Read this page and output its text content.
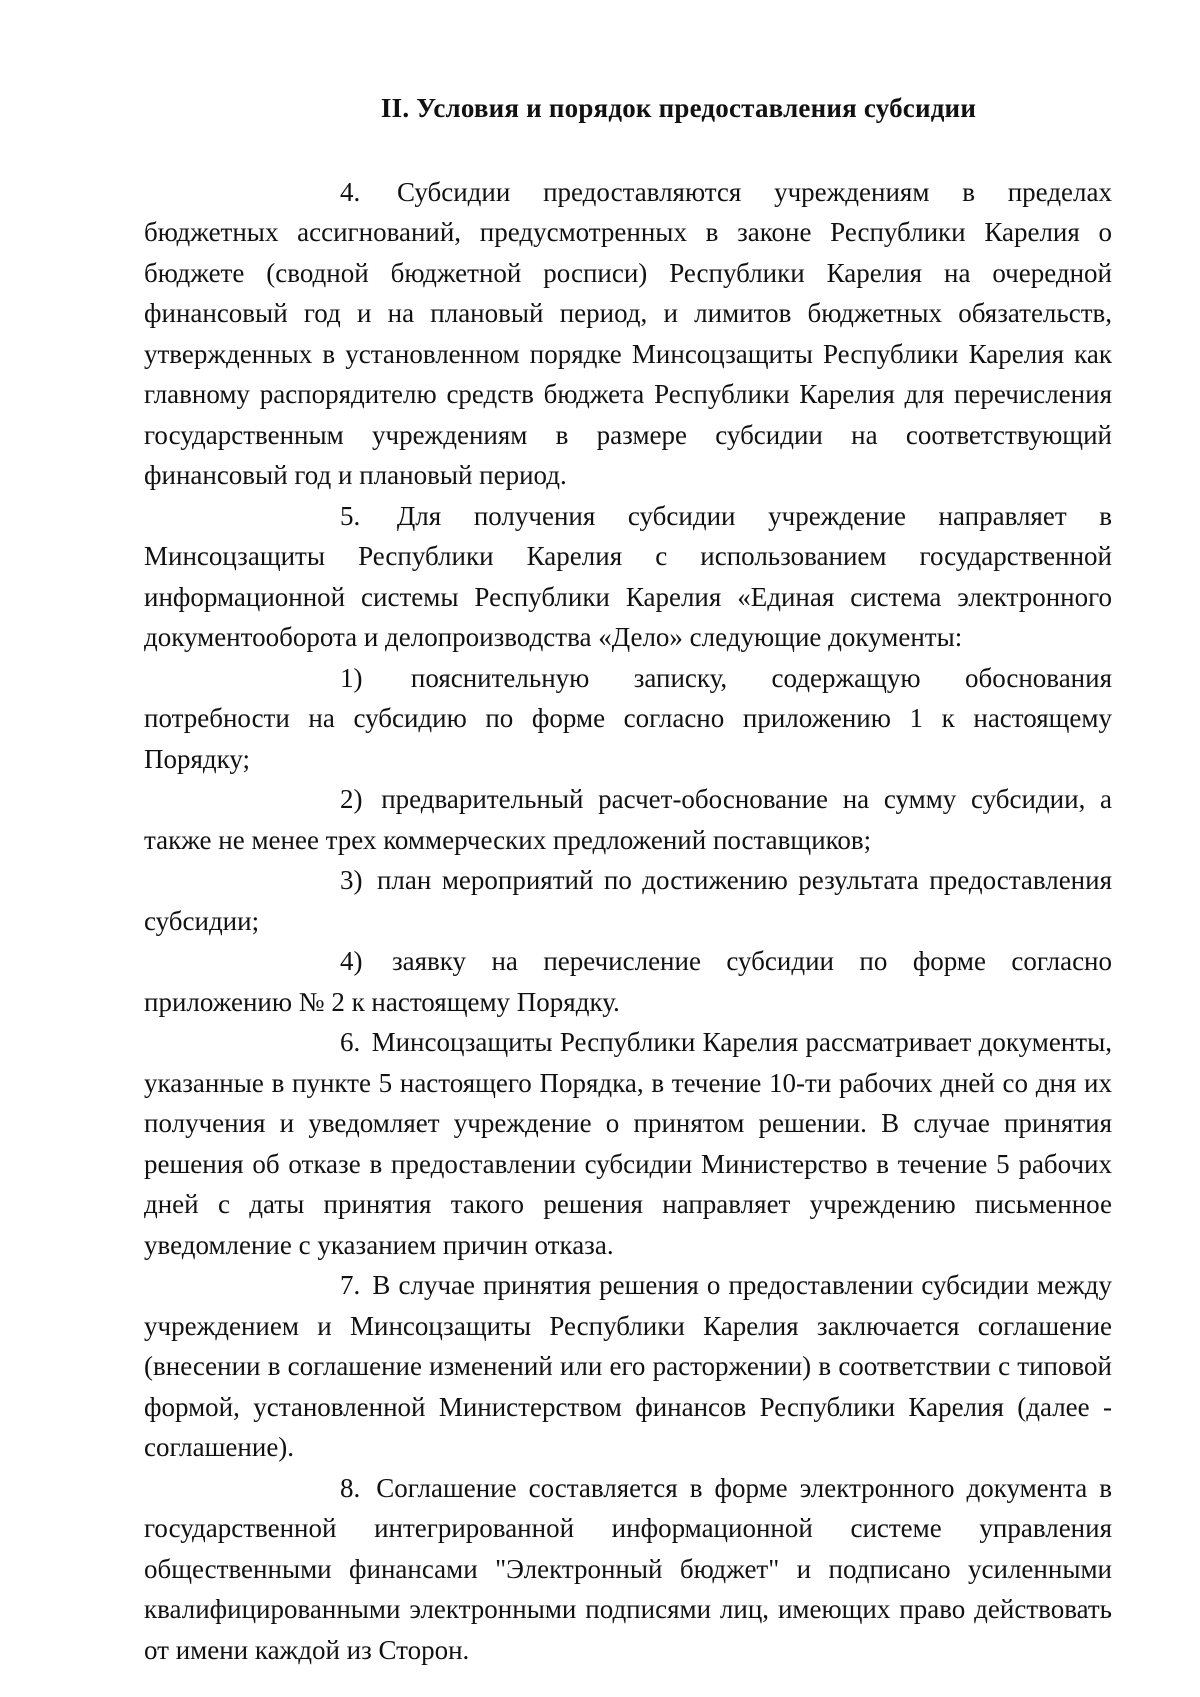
II. Условия и порядок предоставления субсидии

4. Субсидии предоставляются учреждениям в пределах бюджетных ассигнований, предусмотренных в законе Республики Карелия о бюджете (сводной бюджетной росписи) Республики Карелия на очередной финансовый год и на плановый период, и лимитов бюджетных обязательств, утвержденных в установленном порядке Минсоцзащиты Республики Карелия как главному распорядителю средств бюджета Республики Карелия для перечисления государственным учреждениям в размере субсидии на соответствующий финансовый год и плановый период.

5. Для получения субсидии учреждение направляет в Минсоцзащиты Республики Карелия с использованием государственной информационной системы Республики Карелия «Единая система электронного документооборота и делопроизводства «Дело» следующие документы:

1) пояснительную записку, содержащую обоснования потребности на субсидию по форме согласно приложению 1 к настоящему Порядку;

2) предварительный расчет-обоснование на сумму субсидии, а также не менее трех коммерческих предложений поставщиков;

3) план мероприятий по достижению результата предоставления субсидии;

4) заявку на перечисление субсидии по форме согласно приложению № 2 к настоящему Порядку.

6. Минсоцзащиты Республики Карелия рассматривает документы, указанные в пункте 5 настоящего Порядка, в течение 10-ти рабочих дней со дня их получения и уведомляет учреждение о принятом решении. В случае принятия решения об отказе в предоставлении субсидии Министерство в течение 5 рабочих дней с даты принятия такого решения направляет учреждению письменное уведомление с указанием причин отказа.

7. В случае принятия решения о предоставлении субсидии между учреждением и Минсоцзащиты Республики Карелия заключается соглашение (внесении в соглашение изменений или его расторжении) в соответствии с типовой формой, установленной Министерством финансов Республики Карелия (далее - соглашение).

8. Соглашение составляется в форме электронного документа в государственной интегрированной информационной системе управления общественными финансами "Электронный бюджет" и подписано усиленными квалифицированными электронными подписями лиц, имеющих право действовать от имени каждой из Сторон.
